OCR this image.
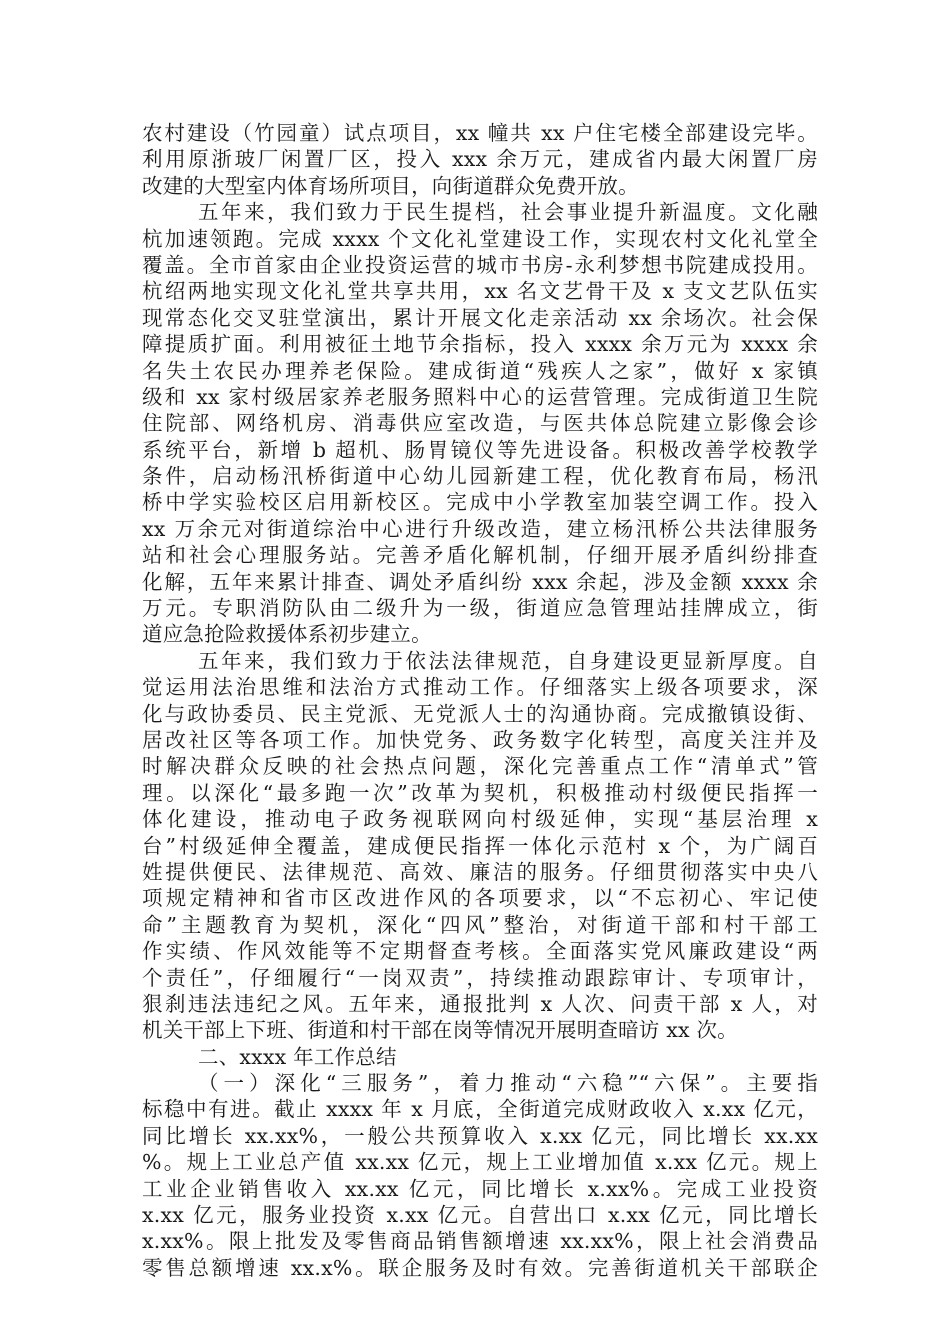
农村建设（竹园童）试点项目，xx 幢共 xx 户住宅楼全部建设完毕。
利用原浙玻厂闲置厂区，投入 xxx 余万元，建成省内最大闲置厂房
改建的大型室内体育场所项目，向街道群众免费开放。
五年来，我们致力于民生提档，社会事业提升新温度。文化融
杭加速领跑。完成 xxxx 个文化礼堂建设工作，实现农村文化礼堂全
覆盖。全市首家由企业投资运营的城市书房-永利梦想书院建成投用。
杭绍两地实现文化礼堂共享共用，xx 名文艺骨干及 x 支文艺队伍实
现常态化交叉驻堂演出，累计开展文化走亲活动 xx 余场次。社会保
障提质扩面。利用被征土地节余指标，投入 xxxx 余万元为 xxxx 余
名失土农民办理养老保险。建成街道“残疾人之家”，做好 x 家镇
级和 xx 家村级居家养老服务照料中心的运营管理。完成街道卫生院
住院部、网络机房、消毒供应室改造，与医共体总院建立影像会诊
系统平台，新增 b 超机、肠胃镜仪等先进设备。积极改善学校教学
条件，启动杨汛桥街道中心幼儿园新建工程，优化教育布局，杨汛
桥中学实验校区启用新校区。完成中小学教室加装空调工作。投入
xx 万余元对街道综治中心进行升级改造，建立杨汛桥公共法律服务
站和社会心理服务站。完善矛盾化解机制，仔细开展矛盾纠纷排查
化解，五年来累计排查、调处矛盾纠纷 xxx 余起，涉及金额 xxxx 余
万元。专职消防队由二级升为一级，街道应急管理站挂牌成立，街
道应急抢险救援体系初步建立。
五年来，我们致力于依法法律规范，自身建设更显新厚度。自
觉运用法治思维和法治方式推动工作。仔细落实上级各项要求，深
化与政协委员、民主党派、无党派人士的沟通协商。完成撤镇设街、
居改社区等各项工作。加快党务、政务数字化转型，高度关注并及
时解决群众反映的社会热点问题，深化完善重点工作“清单式”管
理。以深化“最多跑一次”改革为契机，积极推动村级便民指挥一
体化建设，推动电子政务视联网向村级延伸，实现“基层治理 x
台”村级延伸全覆盖，建成便民指挥一体化示范村 x 个，为广阔百
姓提供便民、法律规范、高效、廉洁的服务。仔细贯彻落实中央八
项规定精神和省市区改进作风的各项要求，以“不忘初心、牢记使
命”主题教育为契机，深化“四风”整治，对街道干部和村干部工
作实绩、作风效能等不定期督查考核。全面落实党风廉政建设“两
个责任”，仔细履行“一岗双责”，持续推动跟踪审计、专项审计，
狠刹违法违纪之风。五年来，通报批判 x 人次、问责干部 x 人，对
机关干部上下班、街道和村干部在岗等情况开展明查暗访 xx 次。
二、xxxx 年工作总结
（一）深化“三服务”，着力推动“六稳”“六保”。主要指
标稳中有进。截止 xxxx 年 x 月底，全街道完成财政收入 x.xx 亿元，
同比增长 xx.xx%，一般公共预算收入 x.xx 亿元，同比增长 xx.xx
%。规上工业总产值 xx.xx 亿元，规上工业增加值 x.xx 亿元。规上
工业企业销售收入 xx.xx 亿元，同比增长 x.xx%。完成工业投资
x.xx 亿元，服务业投资 x.xx 亿元。自营出口 x.xx 亿元，同比增长
x.xx%。限上批发及零售商品销售额增速 xx.xx%，限上社会消费品
零售总额增速 xx.x%。联企服务及时有效。完善街道机关干部联企
